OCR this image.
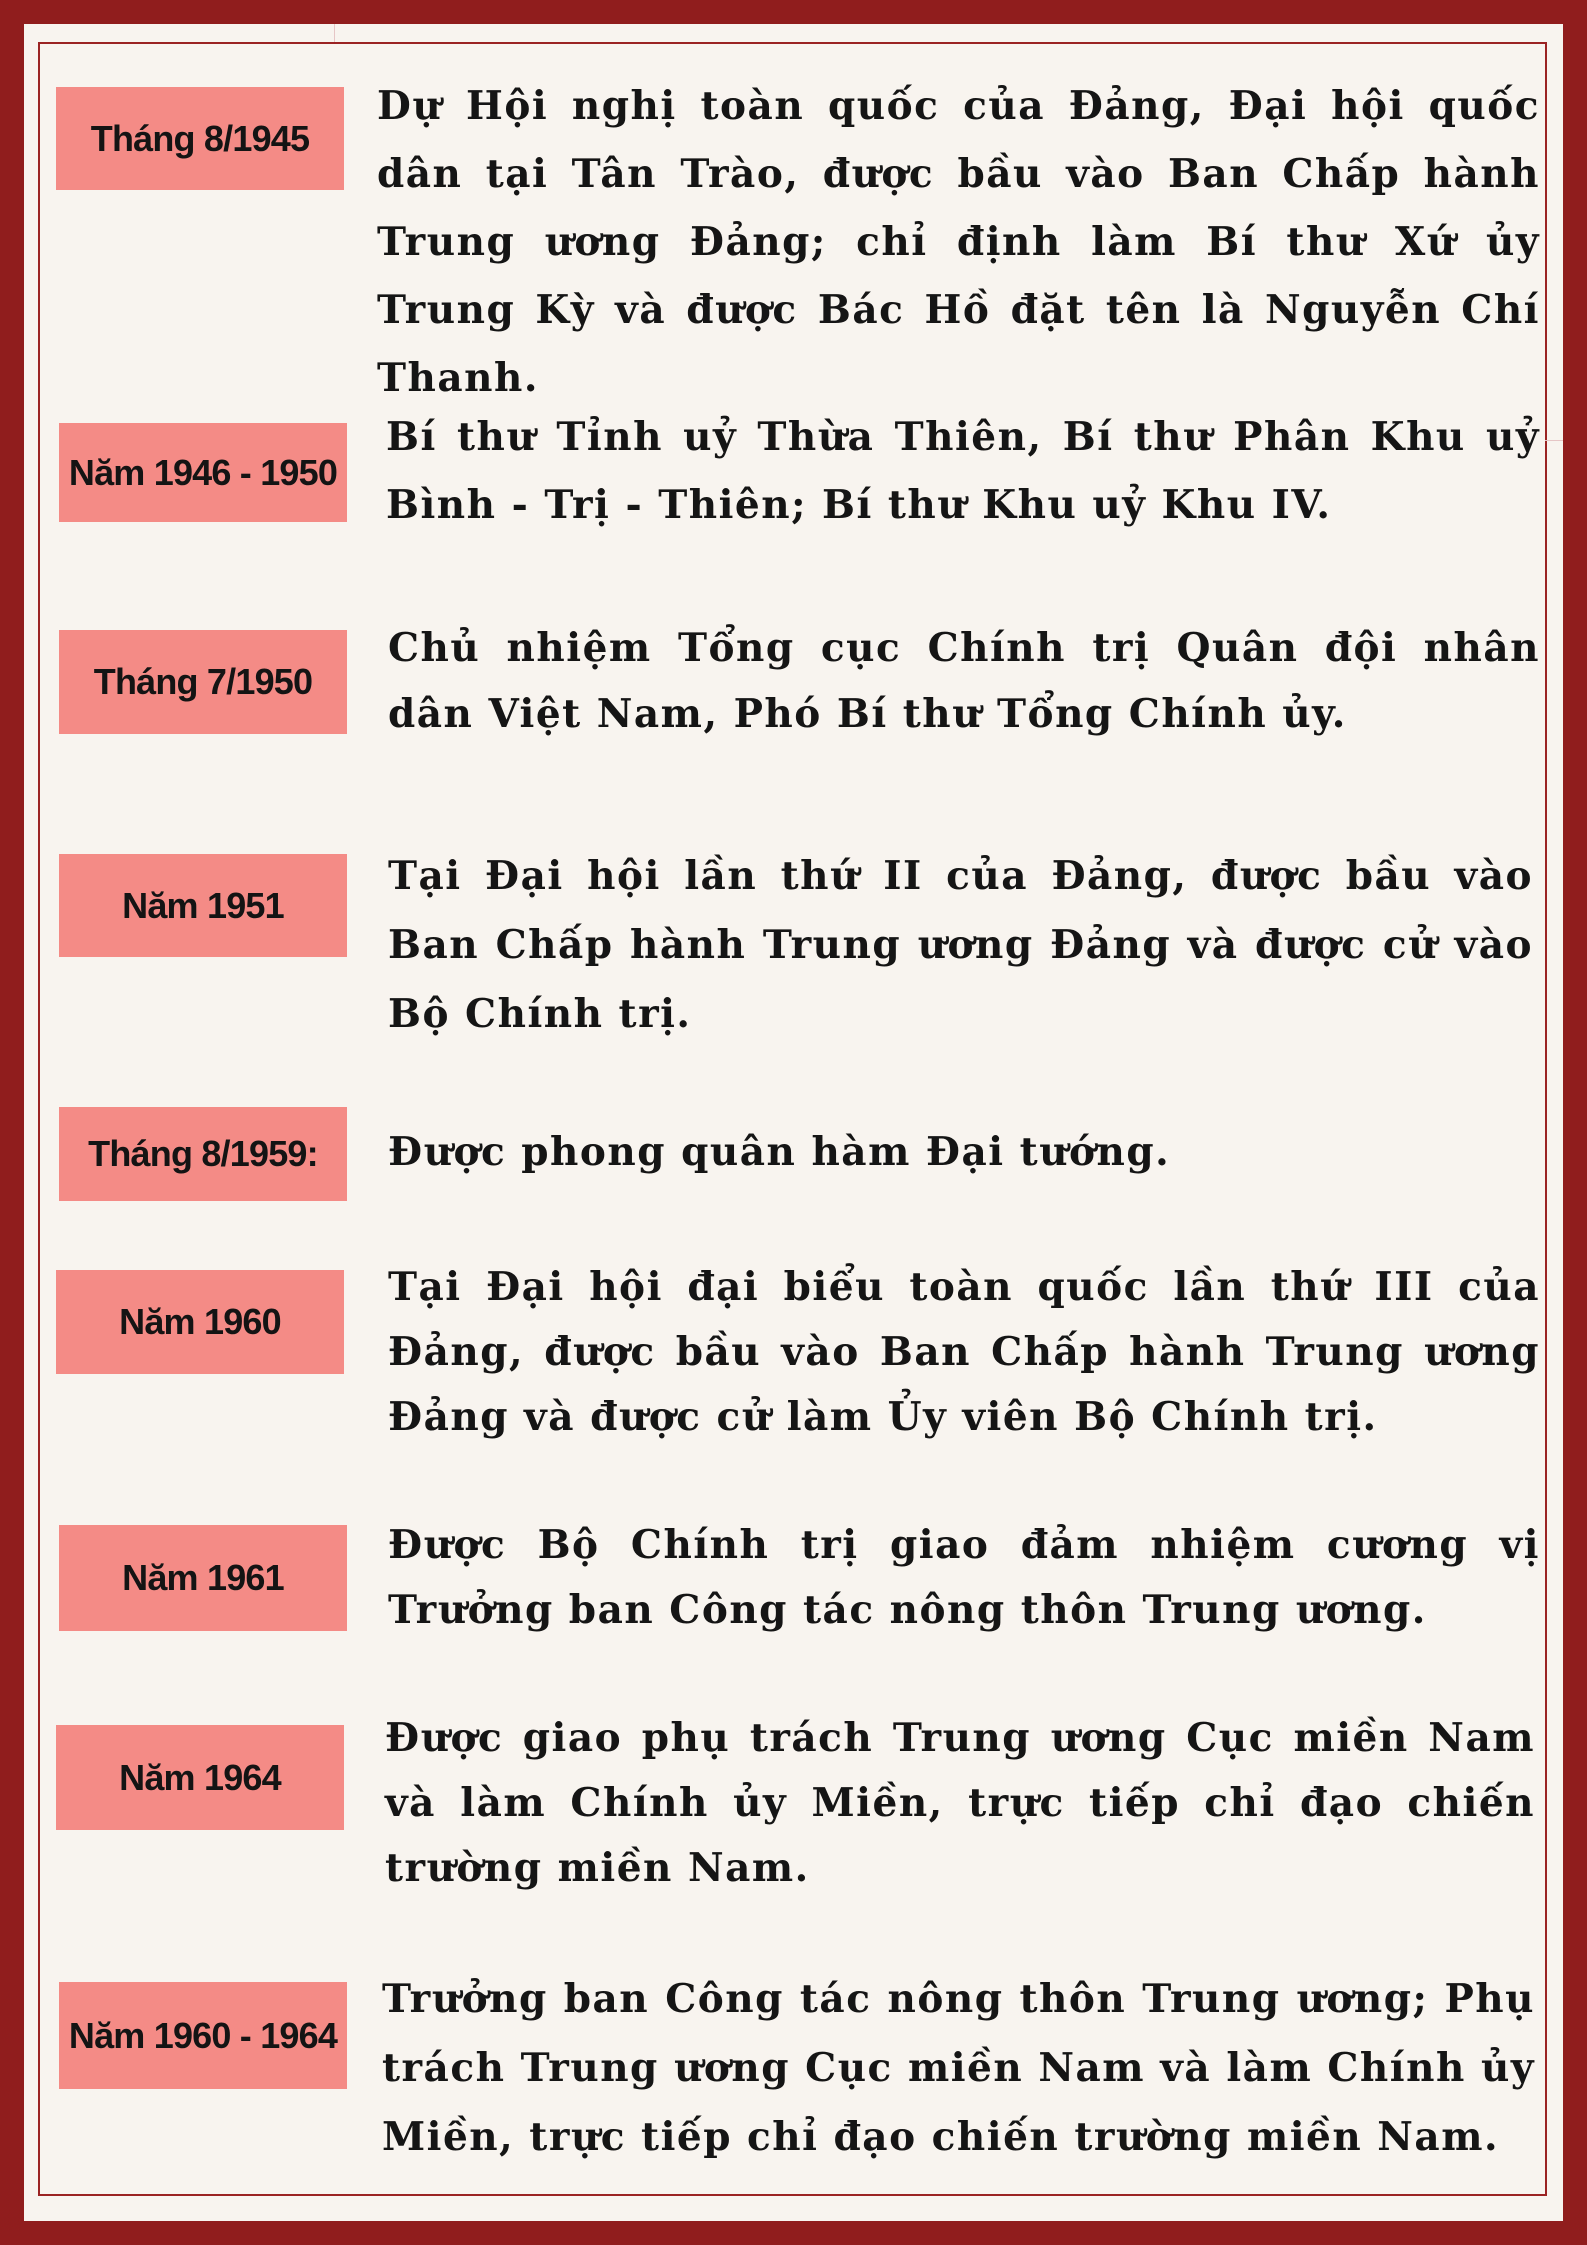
Tháng 8/1945

Dự Hội nghị toàn quốc của Đảng, Đại hội quốc dân tại Tân Trào, được bầu vào Ban Chấp hành Trung ương Đảng; chỉ định làm Bí thư Xứ ủy Trung Kỳ và được Bác Hồ đặt tên là Nguyễn Chí Thanh.

Năm 1946 - 1950

Bí thư Tỉnh uỷ Thừa Thiên, Bí thư Phân Khu uỷ Bình - Trị - Thiên; Bí thư Khu uỷ Khu IV.

Tháng 7/1950

Chủ nhiệm Tổng cục Chính trị Quân đội nhân dân Việt Nam, Phó Bí thư Tổng Chính ủy.

Năm 1951

Tại Đại hội lần thứ II của Đảng, được bầu vào Ban Chấp hành Trung ương Đảng và được cử vào Bộ Chính trị.

Tháng 8/1959:	Được phong quân hàm Đại tướng.

Năm 1960

Tại Đại hội đại biểu toàn quốc lần thứ III của Đảng, được bầu vào Ban Chấp hành Trung ương Đảng và được cử làm Ủy viên Bộ Chính trị.

Năm 1961

Được Bộ Chính trị giao đảm nhiệm cương vị Trưởng ban Công tác nông thôn Trung ương.

Năm 1964

Được giao phụ trách Trung ương Cục miền Nam và làm Chính ủy Miền, trực tiếp chỉ đạo chiến trường miền Nam.

Năm 1960 - 1964

Trưởng ban Công tác nông thôn Trung ương; Phụ trách Trung ương Cục miền Nam và làm Chính ủy Miền, trực tiếp chỉ đạo chiến trường miền Nam.
